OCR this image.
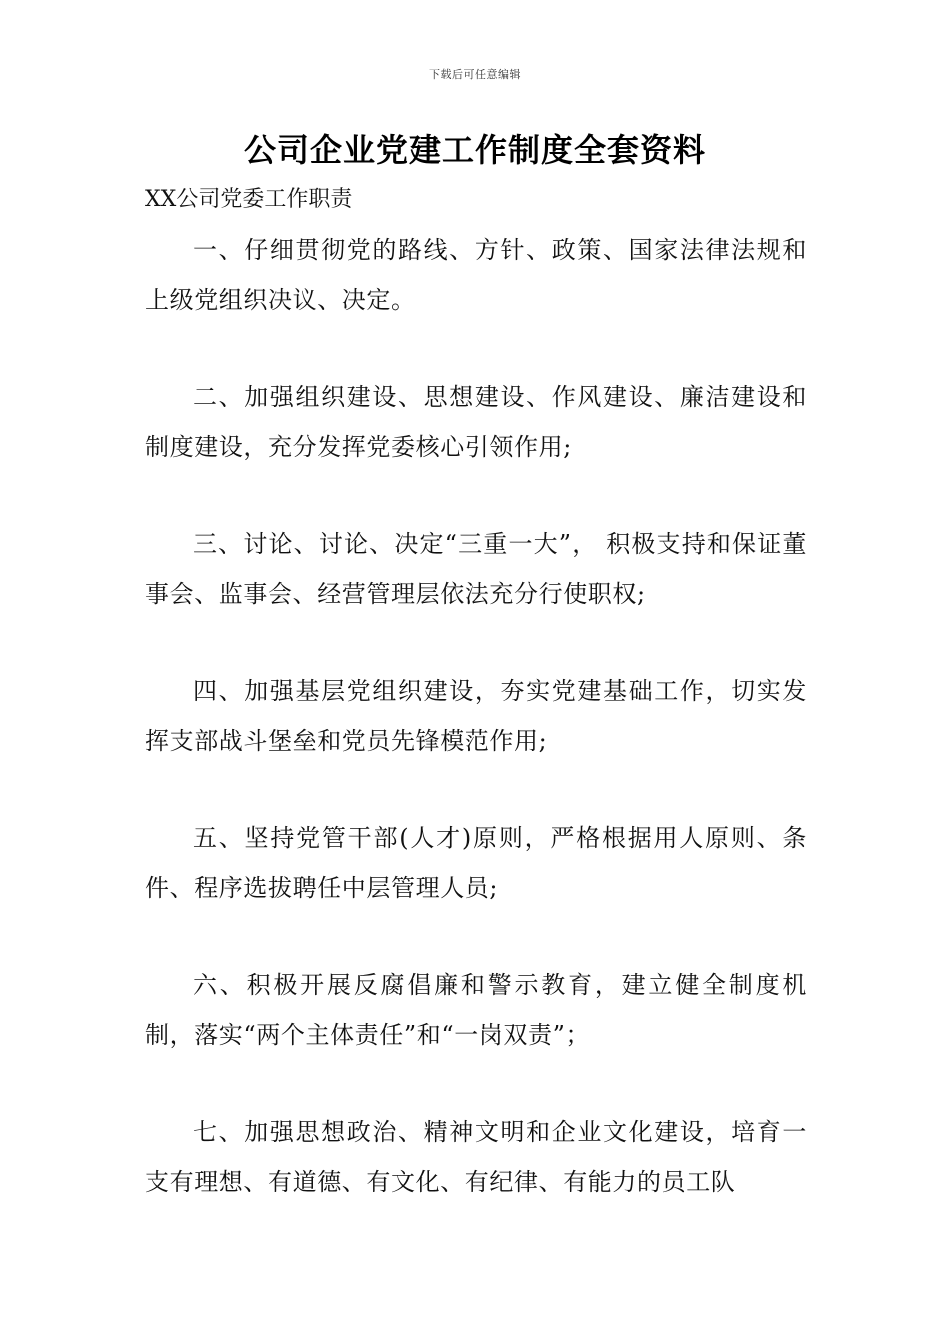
下载后可任意编辑
公司企业党建工作制度全套资料
XX公司党委工作职责

一、仔细贯彻党的路线、方针、政策、国家法律法规和上级党组织决议、决定。

二、加强组织建设、思想建设、作风建设、廉洁建设和制度建设，充分发挥党委核心引领作用;

三、讨论、讨论、决定“三重一大”， 积极支持和保证董事会、监事会、经营管理层依法充分行使职权;

四、加强基层党组织建设，夯实党建基础工作，切实发挥支部战斗堡垒和党员先锋模范作用;

五、坚持党管干部(人才)原则，严格根据用人原则、条件、程序选拔聘任中层管理人员;

六、积极开展反腐倡廉和警示教育，建立健全制度机制，落实“两个主体责任”和“一岗双责”；

七、加强思想政治、精神文明和企业文化建设，培育一支有理想、有道德、有文化、有纪律、有能力的员工队
